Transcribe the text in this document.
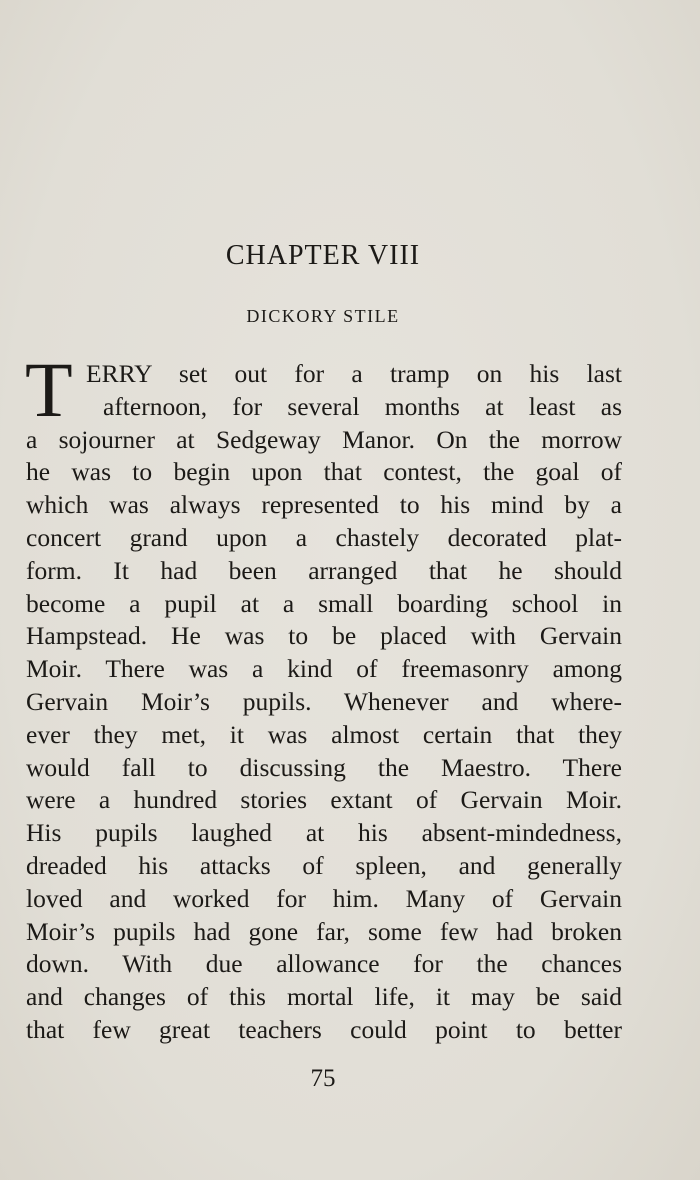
CHAPTER VIII
DICKORY STILE
T ERRY set out for a tramp on his last
afternoon, for several months at least as
a sojourner at Sedgeway Manor. On the morrow
he was to begin upon that contest, the goal of
which was always represented to his mind by a
concert grand upon a chastely decorated plat-
form. It had been arranged that he should
become a pupil at a small boarding school in
Hampstead. He was to be placed with Gervain
Moir. There was a kind of freemasonry among
Gervain Moir’s pupils. Whenever and where-
ever they met, it was almost certain that they
would fall to discussing the Maestro. There
were a hundred stories extant of Gervain Moir.
His pupils laughed at his absent-mindedness,
dreaded his attacks of spleen, and generally
loved and worked for him. Many of Gervain
Moir’s pupils had gone far, some few had broken
down. With due allowance for the chances
and changes of this mortal life, it may be said
that few great teachers could point to better
75
